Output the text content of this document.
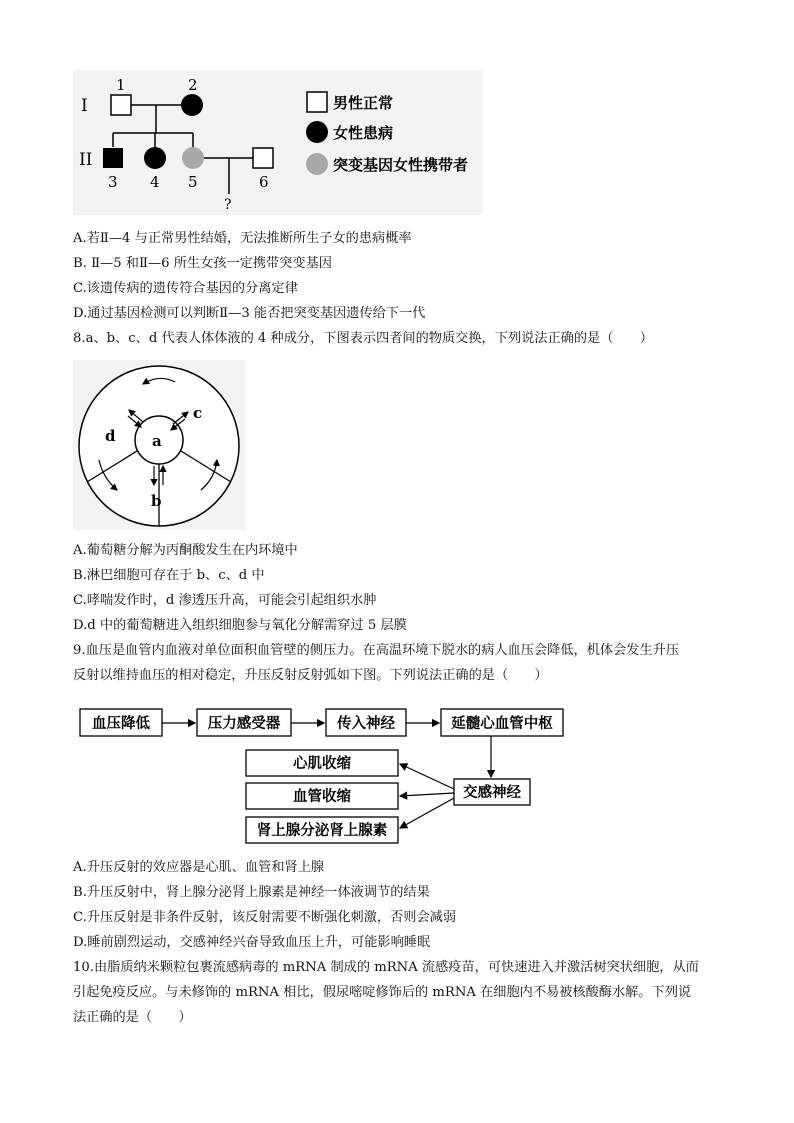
I
II
1	2
3 4 5	6
?
男性正常
女性患病
突变基因女性携带者
A.若Ⅱ—4 与正常男性结婚，无法推断所生子女的患病概率
B. Ⅱ—5 和Ⅱ—6 所生女孩一定携带突变基因
C.该遗传病的遗传符合基因的分离定律
D.通过基因检测可以判断Ⅱ—3 能否把突变基因遗传给下一代
8.a、b、c、d 代表人体体液的 4 种成分，下图表示四者间的物质交换，下列说法正确的是（　　）
a
b
c
d
A.葡萄糖分解为丙酮酸发生在内环境中
B.淋巴细胞可存在于 b、c、d 中
C.哮喘发作时，d 渗透压升高，可能会引起组织水肿
D.d 中的葡萄糖进入组织细胞参与氧化分解需穿过 5 层膜
9.血压是血管内血液对单位面积血管壁的侧压力。在高温环境下脱水的病人血压会降低，机体会发生升压
反射以维持血压的相对稳定，升压反射反射弧如下图。下列说法正确的是（　　）
血压降低	压力感受器	传入神经	延髓心血管中枢
交感神经
心肌收缩
血管收缩
肾上腺分泌肾上腺素
A.升压反射的效应器是心肌、血管和肾上腺
B.升压反射中，肾上腺分泌肾上腺素是神经一体液调节的结果
C.升压反射是非条件反射，该反射需要不断强化刺激，否则会减弱
D.睡前剧烈运动，交感神经兴奋导致血压上升，可能影响睡眠
10.由脂质纳米颗粒包裹流感病毒的 mRNA 制成的 mRNA 流感疫苗，可快速进入并激活树突状细胞，从而
引起免疫反应。与未修饰的 mRNA 相比，假尿嘧啶修饰后的 mRNA 在细胞内不易被核酸酶水解。下列说
法正确的是（　　）
